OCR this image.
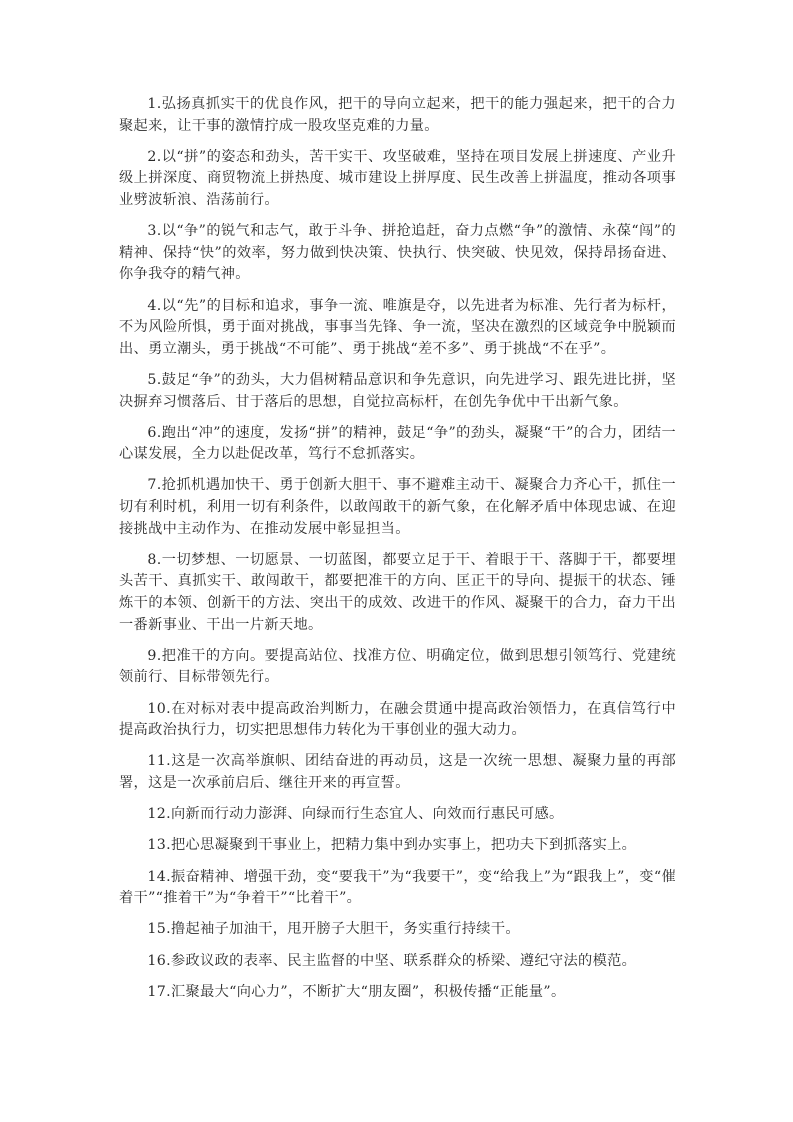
1.弘扬真抓实干的优良作风，把干的导向立起来，把干的能力强起来，把干的合力聚起来，让干事的激情拧成一股攻坚克难的力量。

2.以“拼”的姿态和劲头，苦干实干、攻坚破难，坚持在项目发展上拼速度、产业升级上拼深度、商贸物流上拼热度、城市建设上拼厚度、民生改善上拼温度，推动各项事业劈波斩浪、浩荡前行。

3.以“争”的锐气和志气，敢于斗争、拼抢追赶，奋力点燃“争”的激情、永葆“闯”的精神、保持“快”的效率，努力做到快决策、快执行、快突破、快见效，保持昂扬奋进、你争我夺的精气神。

4.以“先”的目标和追求，事争一流、唯旗是夺，以先进者为标准、先行者为标杆，不为风险所惧，勇于面对挑战，事事当先锋、争一流，坚决在激烈的区域竞争中脱颖而出、勇立潮头，勇于挑战“不可能”、勇于挑战“差不多”、勇于挑战“不在乎”。

5.鼓足“争”的劲头，大力倡树精品意识和争先意识，向先进学习、跟先进比拼，坚决摒弃习惯落后、甘于落后的思想，自觉拉高标杆，在创先争优中干出新气象。

6.跑出“冲”的速度，发扬“拼”的精神，鼓足“争”的劲头，凝聚“干”的合力，团结一心谋发展，全力以赴促改革，笃行不怠抓落实。

7.抢抓机遇加快干、勇于创新大胆干、事不避难主动干、凝聚合力齐心干，抓住一切有利时机，利用一切有利条件，以敢闯敢干的新气象，在化解矛盾中体现忠诚、在迎接挑战中主动作为、在推动发展中彰显担当。

8.一切梦想、一切愿景、一切蓝图，都要立足于干、着眼于干、落脚于干，都要埋头苦干、真抓实干、敢闯敢干，都要把准干的方向、匡正干的导向、提振干的状态、锤炼干的本领、创新干的方法、突出干的成效、改进干的作风、凝聚干的合力，奋力干出一番新事业、干出一片新天地。

9.把准干的方向。要提高站位、找准方位、明确定位，做到思想引领笃行、党建统领前行、目标带领先行。

10.在对标对表中提高政治判断力，在融会贯通中提高政治领悟力，在真信笃行中提高政治执行力，切实把思想伟力转化为干事创业的强大动力。

11.这是一次高举旗帜、团结奋进的再动员，这是一次统一思想、凝聚力量的再部署，这是一次承前启后、继往开来的再宣誓。

12.向新而行动力澎湃、向绿而行生态宜人、向效而行惠民可感。

13.把心思凝聚到干事业上，把精力集中到办实事上，把功夫下到抓落实上。

14.振奋精神、增强干劲，变“要我干”为“我要干”，变“给我上”为“跟我上”，变“催着干”“推着干”为“争着干”“比着干”。

15.撸起袖子加油干，甩开膀子大胆干，务实重行持续干。

16.参政议政的表率、民主监督的中坚、联系群众的桥梁、遵纪守法的模范。

17.汇聚最大“向心力”，不断扩大“朋友圈”，积极传播“正能量”。
